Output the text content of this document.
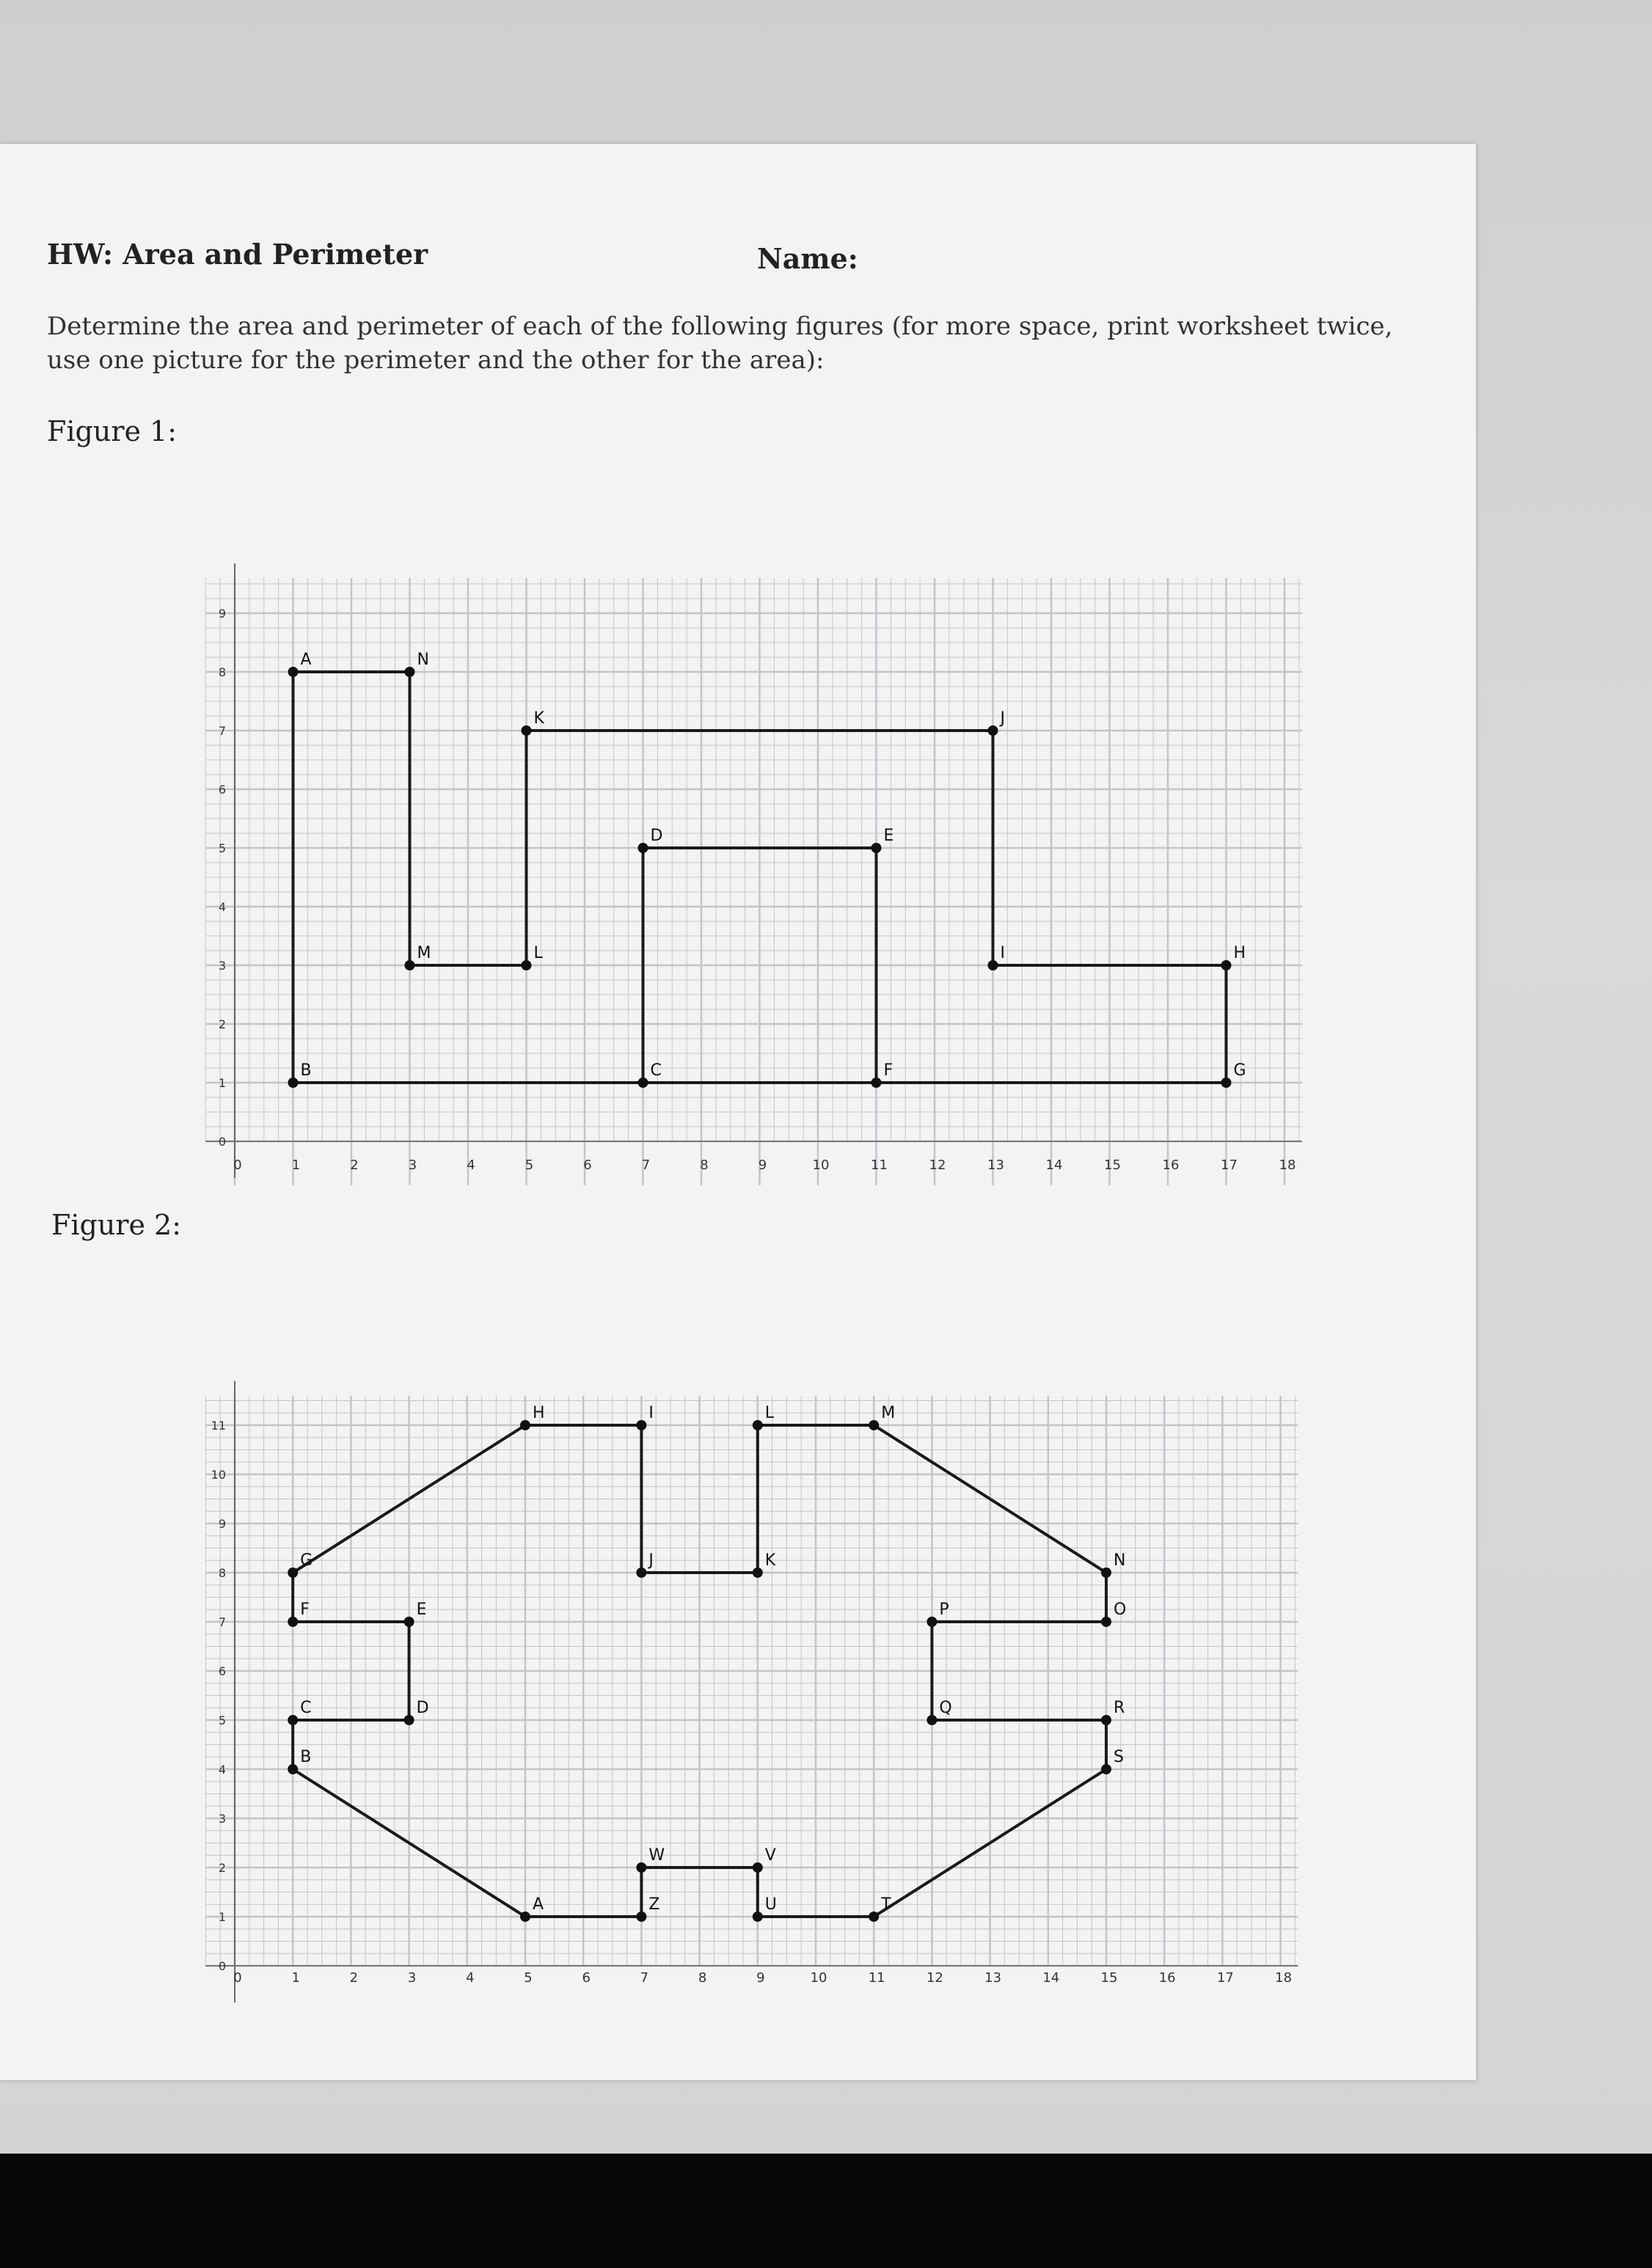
HW: Area and Perimeter	Name:
Determine the area and perimeter of each of the following figures (for more space, print worksheet twice, use one picture for the perimeter and the other for the area):
Figure 1:
0	1	2	3	4	5	6	7	8	9	10	11	12	13	14	15	16	17	18
0
1
2
3
4
5
6
7
8
9
A	N
M	L
K	J
I	H
G
B	C
D	E
F
Figure 2:
0	1	2	3	4	5	6	7	8	9	10	11	12	13	14	15	16	17	18
0
1
2
3
4
5
6
7
8
9
10
11
G
F	E
D
C
B
A	Z
W	V
U	T
S
R
Q
P	O
N
M
L
K
J
I
H
